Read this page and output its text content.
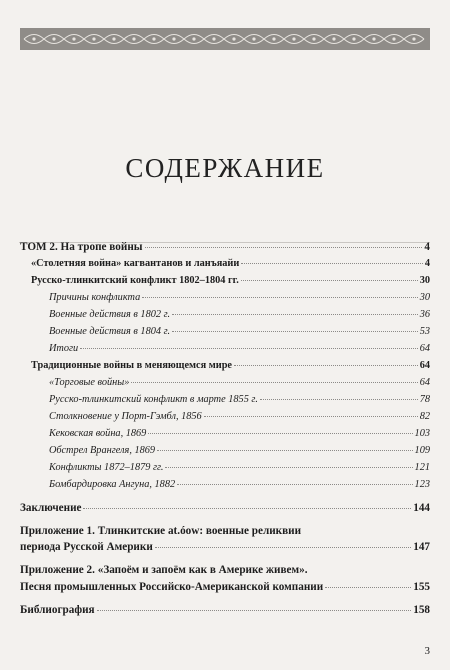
СОДЕРЖАНИЕ
ТОМ 2. На тропе войны	4
«Столетняя война» кагвантанов и ланъяайи	4
Русско-тлинкитский конфликт 1802–1804 гг.	30
Причины конфликта	30
Военные действия в 1802 г.	36
Военные действия в 1804 г.	53
Итоги	64
Традиционные войны в меняющемся мире	64
«Торговые войны»	64
Русско-тлинкитский конфликт в марте 1855 г.	78
Столкновение у Порт-Гэмбл, 1856	82
Кековская война, 1869	103
Обстрел Врангеля, 1869	109
Конфликты 1872–1879 гг.	121
Бомбардировка Ангуна, 1882	123
Заключение	144
Приложение 1. Тлинкитские at.óow: военные реликвии
периода Русской Америки	147
Приложение 2. «Запоём и запоём как в Америке живем».
Песня промышленных Российско-Американской компании	155
Библиография	158
3
